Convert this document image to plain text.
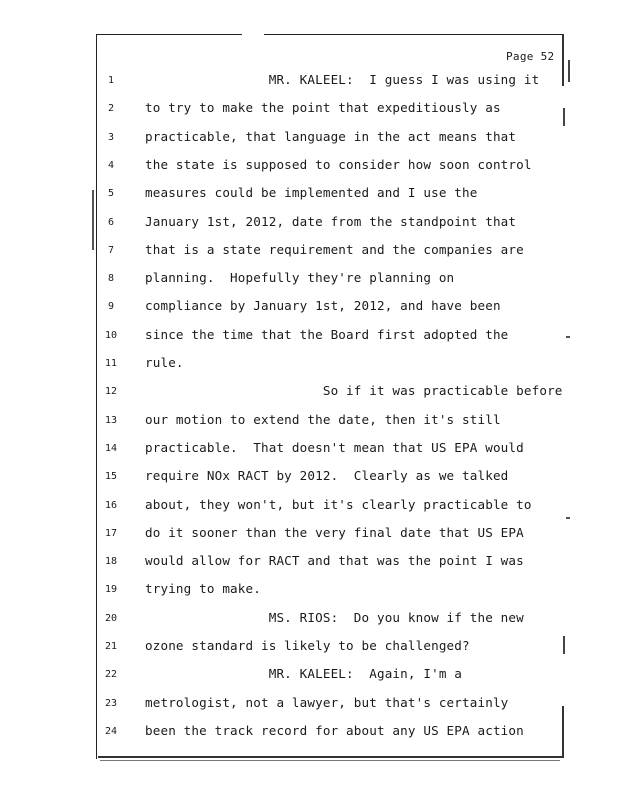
Page 52
1	MR. KALEEL:  I guess I was using it
2	to try to make the point that expeditiously as
3	practicable, that language in the act means that
4	the state is supposed to consider how soon control
5	measures could be implemented and I use the
6	January 1st, 2012, date from the standpoint that
7	that is a state requirement and the companies are
8	planning.  Hopefully they're planning on
9	compliance by January 1st, 2012, and have been
10	since the time that the Board first adopted the
11	rule.
12	So if it was practicable before
13	our motion to extend the date, then it's still
14	practicable.  That doesn't mean that US EPA would
15	require NOx RACT by 2012.  Clearly as we talked
16	about, they won't, but it's clearly practicable to
17	do it sooner than the very final date that US EPA
18	would allow for RACT and that was the point I was
19	trying to make.
20	MS. RIOS:  Do you know if the new
21	ozone standard is likely to be challenged?
22	MR. KALEEL:  Again, I'm a
23	metrologist, not a lawyer, but that's certainly
24	been the track record for about any US EPA action
